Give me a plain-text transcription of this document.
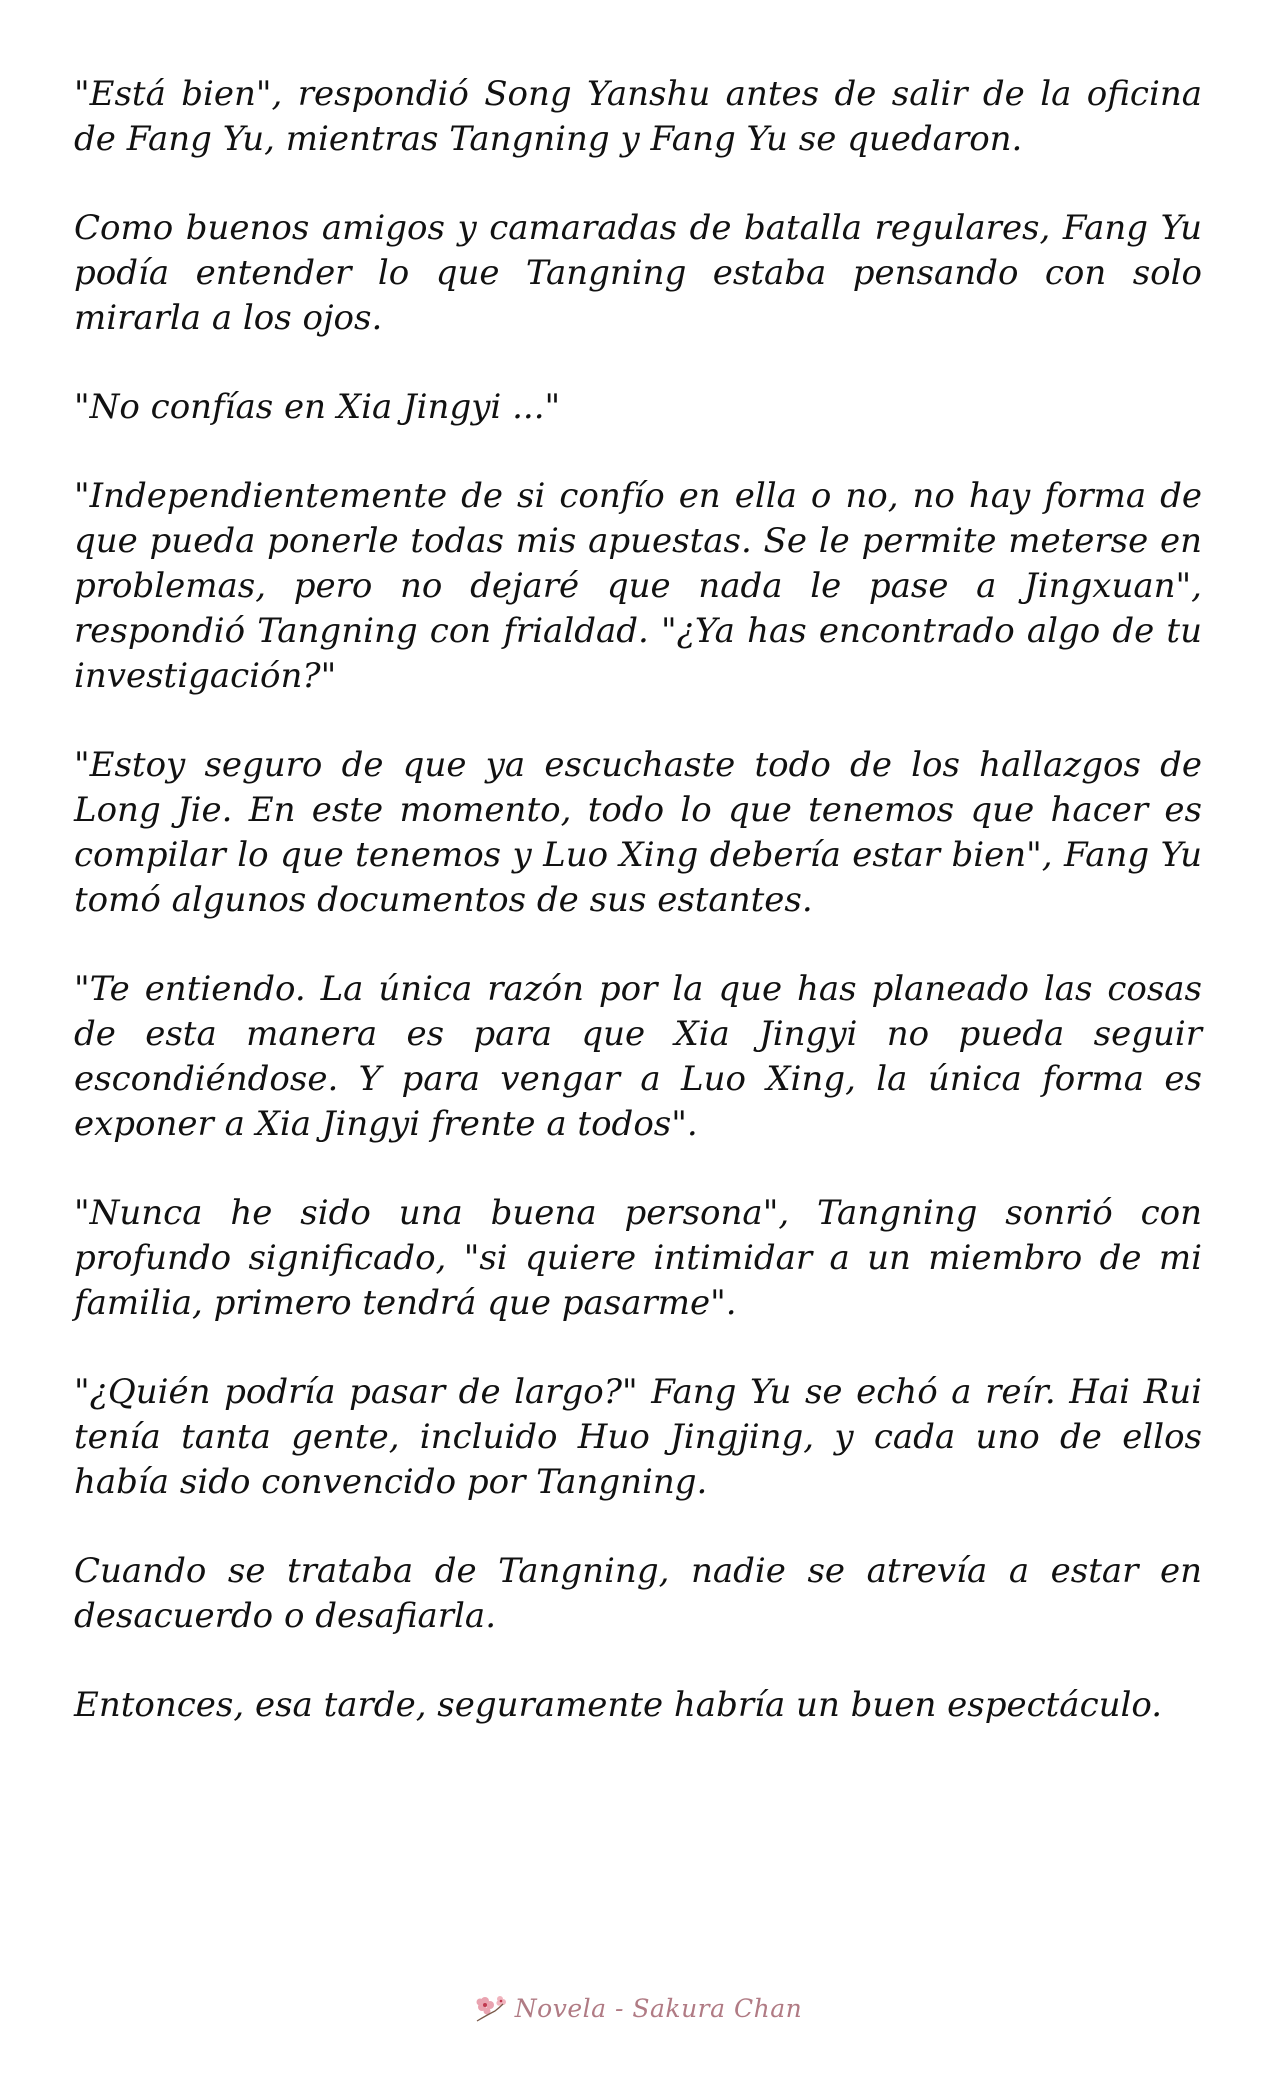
"Está bien", respondió Song Yanshu antes de salir de la oficina de Fang Yu, mientras Tangning y Fang Yu se quedaron.

Como buenos amigos y camaradas de batalla regulares, Fang Yu podía entender lo que Tangning estaba pensando con solo mirarla a los ojos.

"No confías en Xia Jingyi ..."

"Independientemente de si confío en ella o no, no hay forma de que pueda ponerle todas mis apuestas. Se le permite meterse en problemas, pero no dejaré que nada le pase a Jingxuan", respondió Tangning con frialdad. "¿Ya has encontrado algo de tu investigación?"

"Estoy seguro de que ya escuchaste todo de los hallazgos de Long Jie. En este momento, todo lo que tenemos que hacer es compilar lo que tenemos y Luo Xing debería estar bien", Fang Yu tomó algunos documentos de sus estantes.

"Te entiendo. La única razón por la que has planeado las cosas de esta manera es para que Xia Jingyi no pueda seguir escondiéndose. Y para vengar a Luo Xing, la única forma es exponer a Xia Jingyi frente a todos".

"Nunca he sido una buena persona", Tangning sonrió con profundo significado, "si quiere intimidar a un miembro de mi familia, primero tendrá que pasarme".

"¿Quién podría pasar de largo?" Fang Yu se echó a reír. Hai Rui tenía tanta gente, incluido Huo Jingjing, y cada uno de ellos había sido convencido por Tangning.

Cuando se trataba de Tangning, nadie se atrevía a estar en desacuerdo o desafiarla.

Entonces, esa tarde, seguramente habría un buen espectáculo.

Novela - Sakura Chan
